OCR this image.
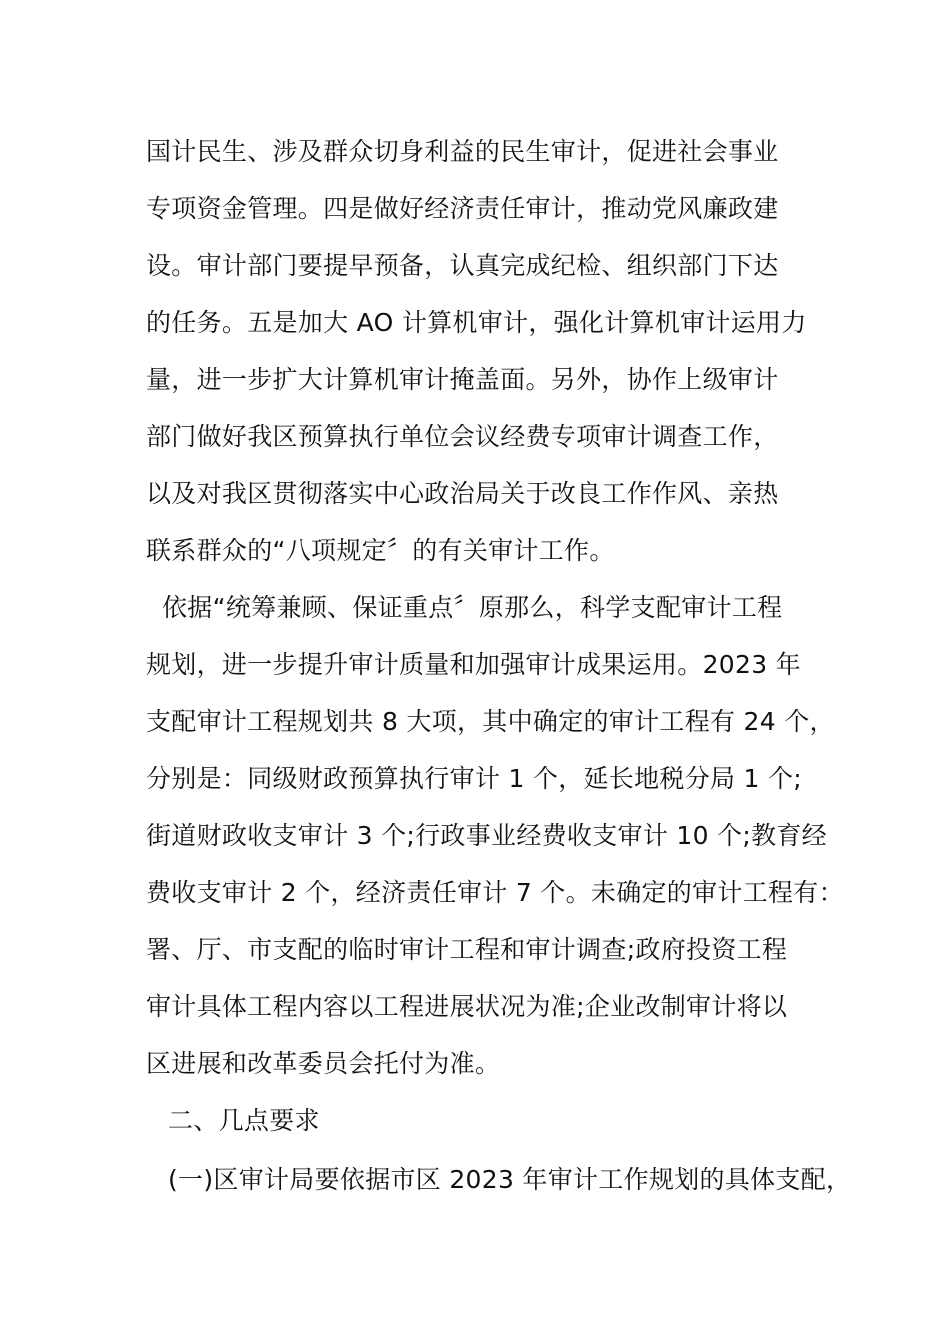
国计民生、涉及群众切身利益的民生审计，促进社会事业
专项资金管理。四是做好经济责任审计，推动党风廉政建
设。审计部门要提早预备，认真完成纪检、组织部门下达
的任务。五是加大 AO 计算机审计，强化计算机审计运用力
量，进一步扩大计算机审计掩盖面。另外，协作上级审计
部门做好我区预算执行单位会议经费专项审计调查工作，
以及对我区贯彻落实中心政治局关于改良工作作风、亲热
联系群众的“八项规定〞的有关审计工作。
依据“统筹兼顾、保证重点〞原那么，科学支配审计工程
规划，进一步提升审计质量和加强审计成果运用。2023 年
支配审计工程规划共 8 大项，其中确定的审计工程有 24 个，
分别是：同级财政预算执行审计 1 个，延长地税分局 1 个;
街道财政收支审计 3 个;行政事业经费收支审计 10 个;教育经
费收支审计 2 个，经济责任审计 7 个。未确定的审计工程有：
署、厅、市支配的临时审计工程和审计调查;政府投资工程
审计具体工程内容以工程进展状况为准;企业改制审计将以
区进展和改革委员会托付为准。
二、几点要求
(一)区审计局要依据市区 2023 年审计工作规划的具体支配，
